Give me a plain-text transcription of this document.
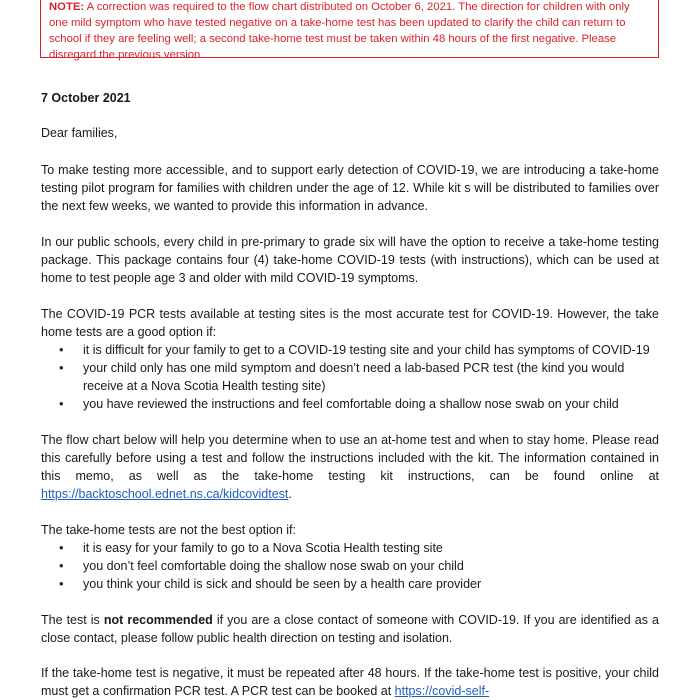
NOTE: A correction was required to the flow chart distributed on October 6, 2021. The direction for children with only one mild symptom who have tested negative on a take-home test has been updated to clarify the child can return to school if they are feeling well; a second take-home test must be taken within 48 hours of the first negative. Please disregard the previous version.
7 October 2021
Dear families,
To make testing more accessible, and to support early detection of COVID-19, we are introducing a take-home testing pilot program for families with children under the age of 12. While kit s will be distributed to families over the next few weeks, we wanted to provide this information in advance.
In our public schools, every child in pre-primary to grade six will have the option to receive a take-home testing package. This package contains four (4) take-home COVID-19 tests (with instructions), which can be used at home to test people age 3 and older with mild COVID-19 symptoms.
The COVID-19 PCR tests available at testing sites is the most accurate test for COVID-19. However, the take home tests are a good option if:
• it is difficult for your family to get to a COVID-19 testing site and your child has symptoms of COVID-19
• your child only has one mild symptom and doesn’t need a lab-based PCR test (the kind you would receive at a Nova Scotia Health testing site)
• you have reviewed the instructions and feel comfortable doing a shallow nose swab on your child
The flow chart below will help you determine when to use an at-home test and when to stay home. Please read this carefully before using a test and follow the instructions included with the kit. The information contained in this memo, as well as the take-home testing kit instructions, can be found online at https://backtoschool.ednet.ns.ca/kidcovidtest.
The take-home tests are not the best option if:
• it is easy for your family to go to a Nova Scotia Health testing site
• you don’t feel comfortable doing the shallow nose swab on your child
• you think your child is sick and should be seen by a health care provider
The test is not recommended if you are a close contact of someone with COVID-19. If you are identified as a close contact, please follow public health direction on testing and isolation.
If the take-home test is negative, it must be repeated after 48 hours. If the take-home test is positive, your child must get a confirmation PCR test. A PCR test can be booked at https://covid-self-
